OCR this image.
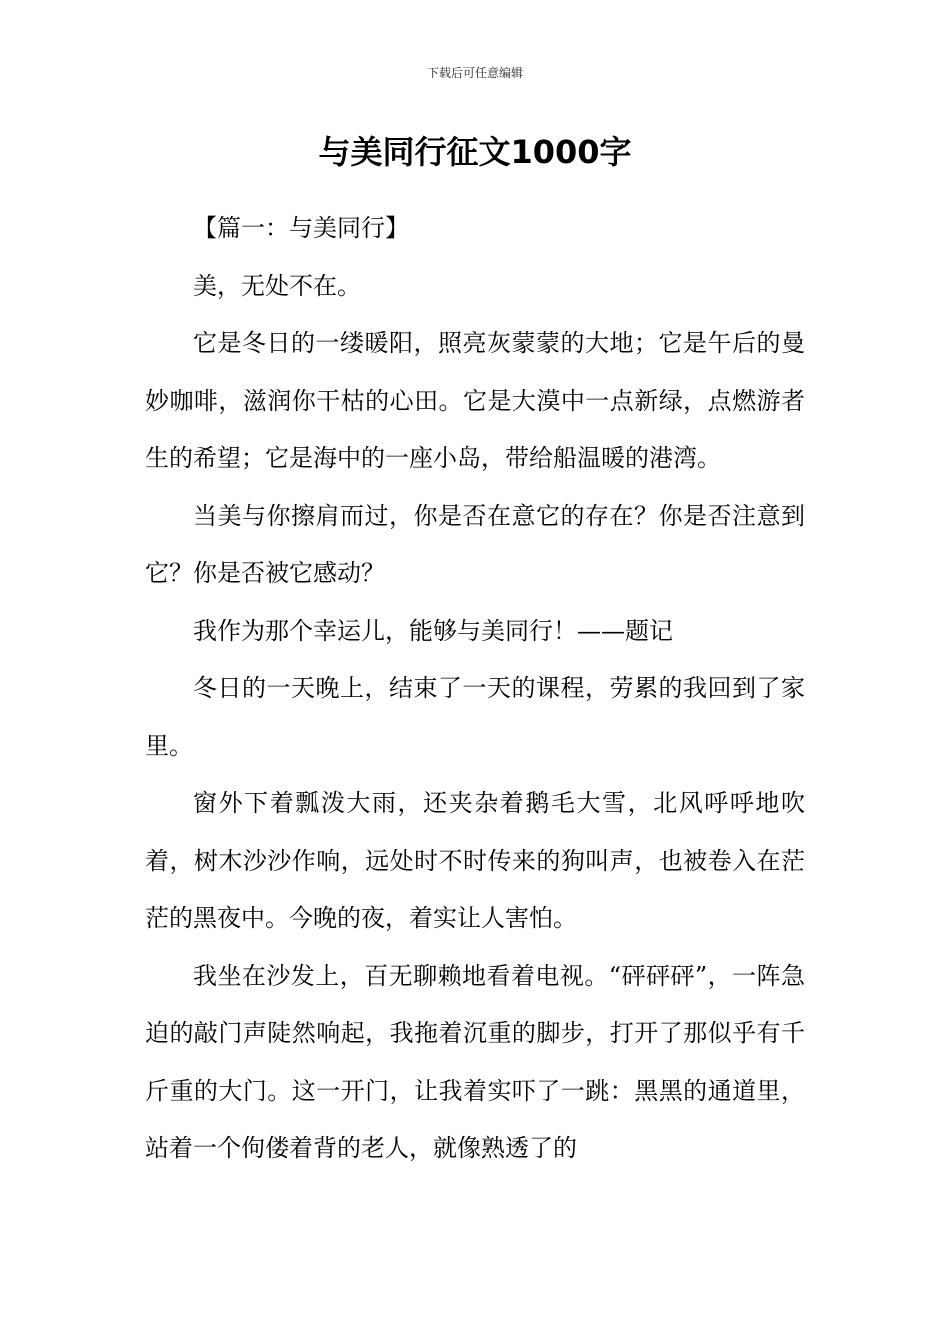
下载后可任意编辑
与美同行征文1000字

【篇一：与美同行】

美，无处不在。

它是冬日的一缕暖阳，照亮灰蒙蒙的大地；它是午后的曼妙咖啡，滋润你干枯的心田。它是大漠中一点新绿，点燃游者生的希望；它是海中的一座小岛，带给船温暖的港湾。

当美与你擦肩而过，你是否在意它的存在？你是否注意到它？你是否被它感动？

我作为那个幸运儿，能够与美同行！——题记

冬日的一天晚上，结束了一天的课程，劳累的我回到了家里。

窗外下着瓢泼大雨，还夹杂着鹅毛大雪，北风呼呼地吹着，树木沙沙作响，远处时不时传来的狗叫声，也被卷入在茫茫的黑夜中。今晚的夜，着实让人害怕。

我坐在沙发上，百无聊赖地看着电视。“砰砰砰”，一阵急迫的敲门声陡然响起，我拖着沉重的脚步，打开了那似乎有千斤重的大门。这一开门，让我着实吓了一跳：黑黑的通道里，站着一个佝偻着背的老人，就像熟透了的
